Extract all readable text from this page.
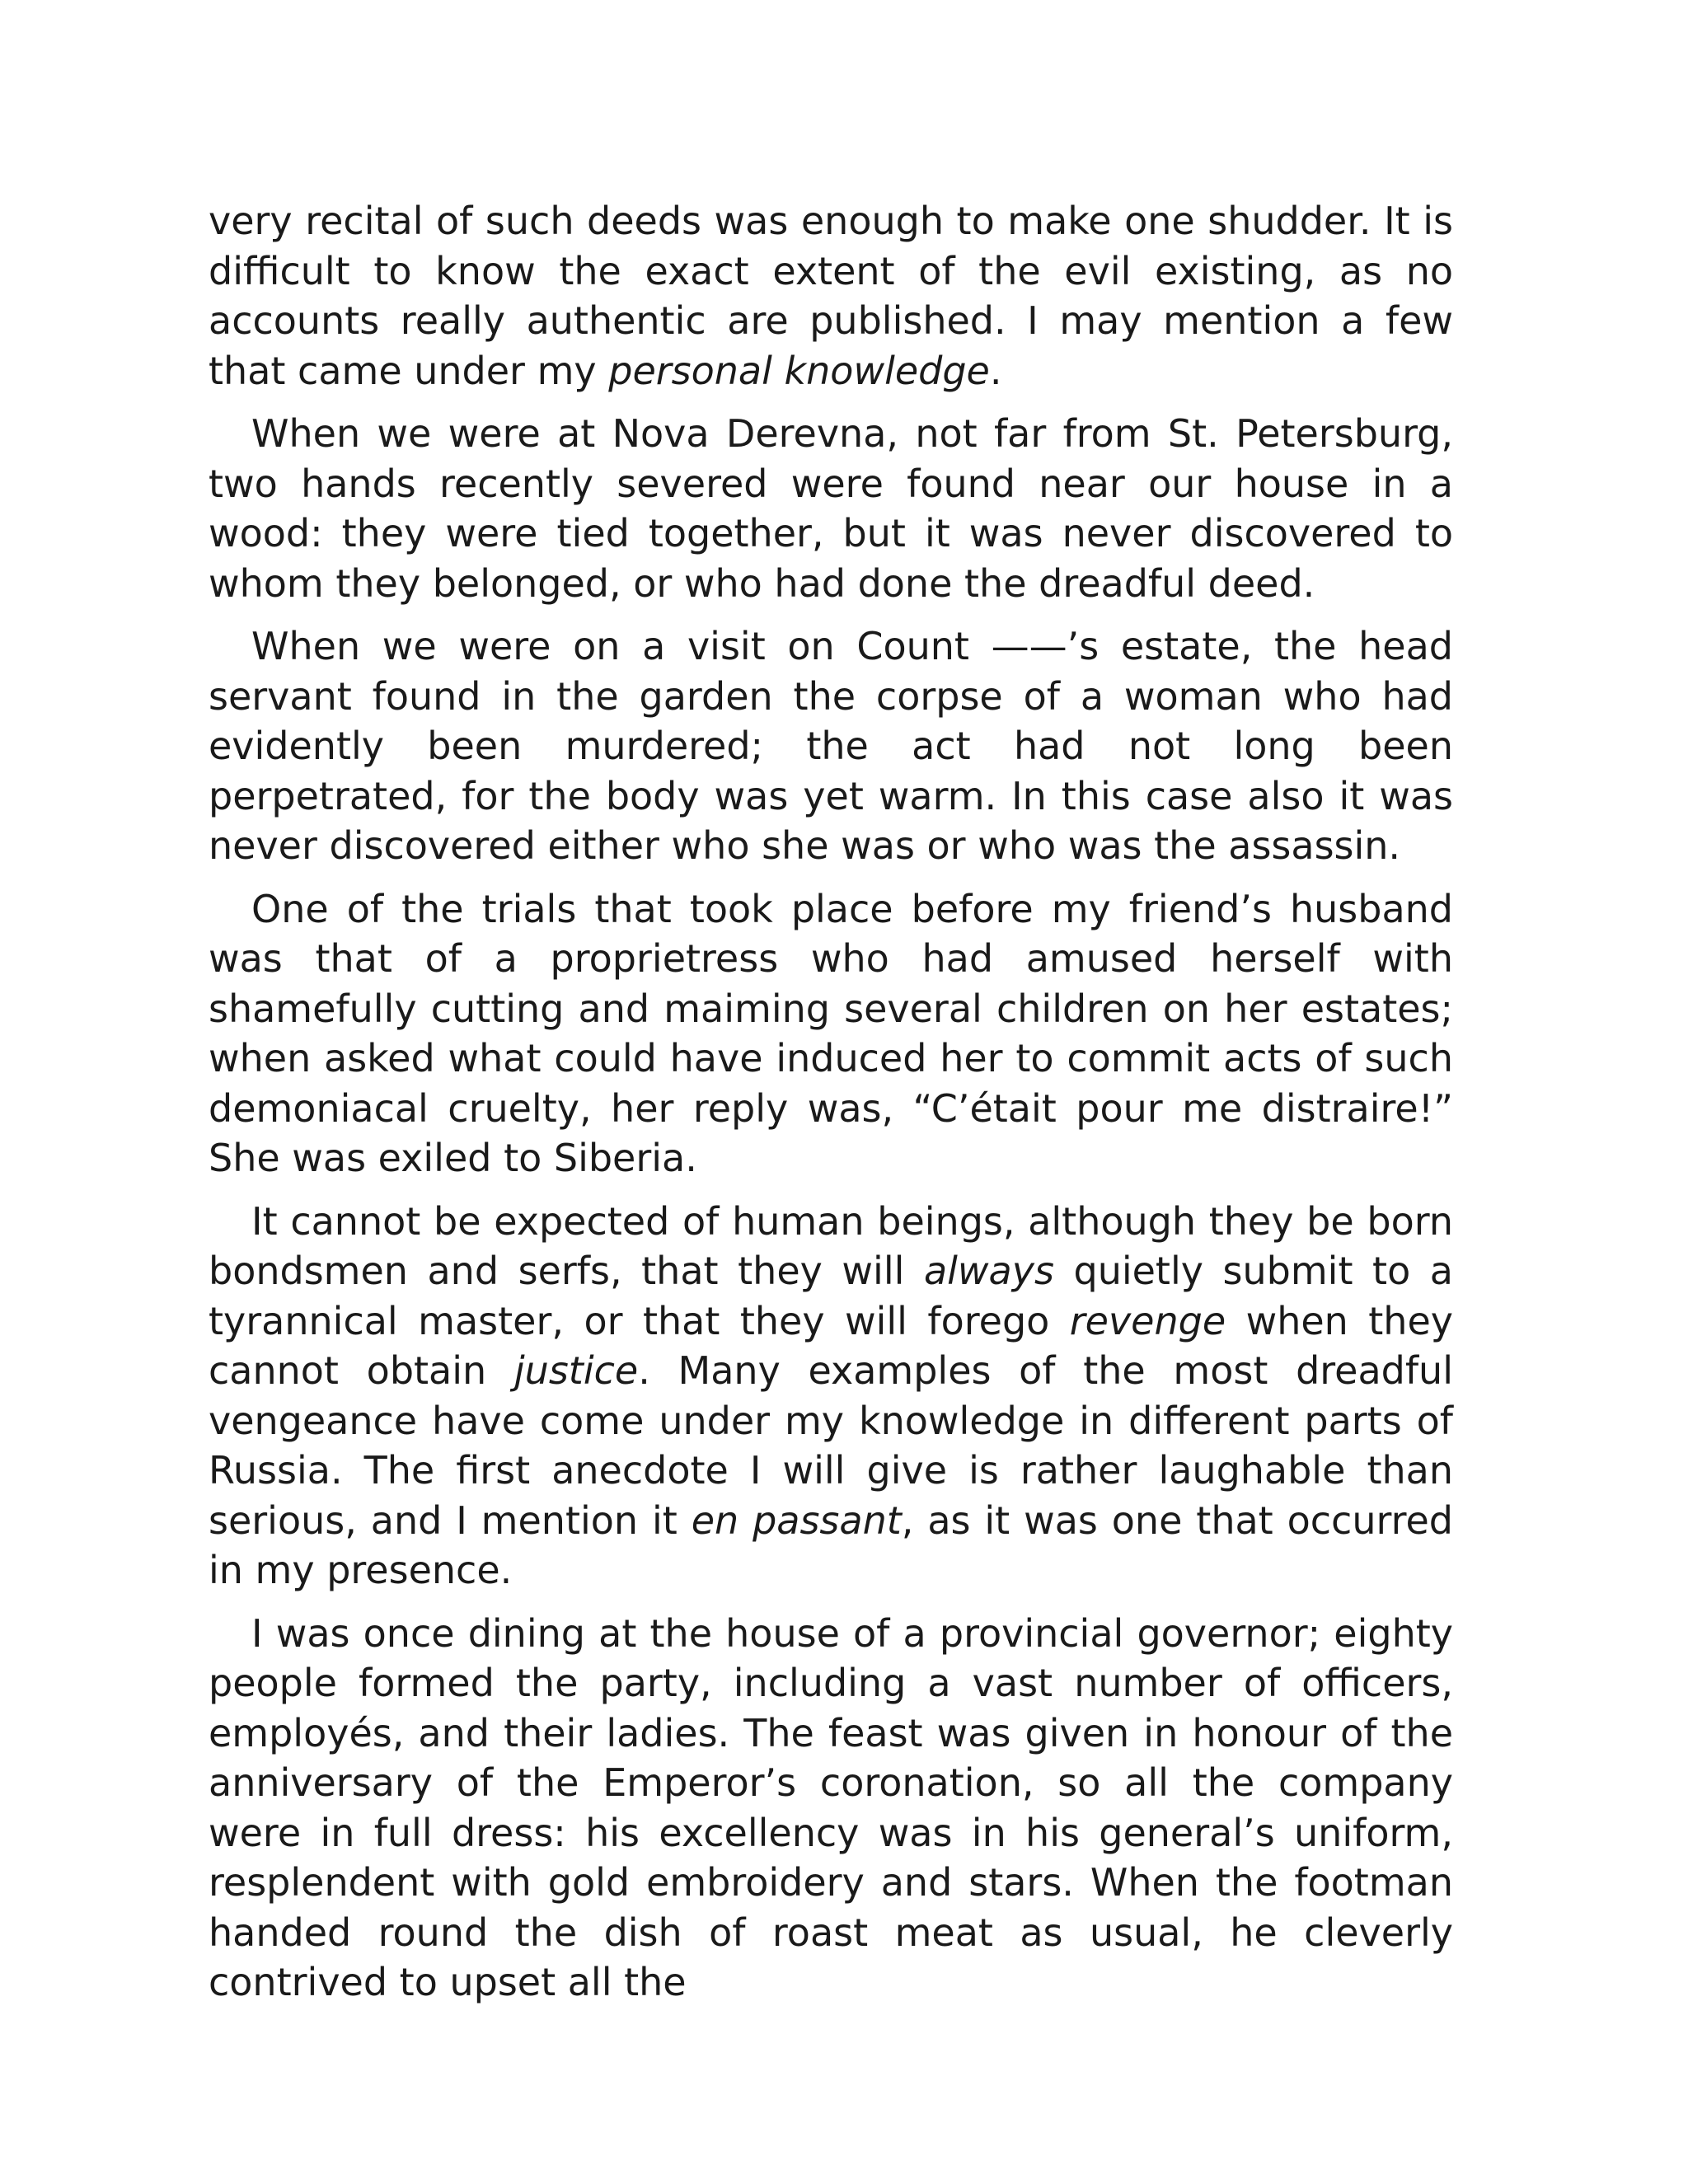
very recital of such deeds was enough to make one shudder. It is difficult to know the exact extent of the evil existing, as no accounts really authentic are published. I may mention a few that came under my personal knowledge.

When we were at Nova Derevna, not far from St. Petersburg, two hands recently severed were found near our house in a wood: they were tied together, but it was never discovered to whom they belonged, or who had done the dreadful deed.

When we were on a visit on Count ——’s estate, the head servant found in the garden the corpse of a woman who had evidently been murdered; the act had not long been perpetrated, for the body was yet warm. In this case also it was never discovered either who she was or who was the assassin.

One of the trials that took place before my friend’s husband was that of a proprietress who had amused herself with shamefully cutting and maiming several children on her estates; when asked what could have induced her to commit acts of such demoniacal cruelty, her reply was, “C’était pour me distraire!” She was exiled to Siberia.

It cannot be expected of human beings, although they be born bondsmen and serfs, that they will always quietly submit to a tyrannical master, or that they will forego revenge when they cannot obtain justice. Many examples of the most dreadful vengeance have come under my knowledge in different parts of Russia. The first anecdote I will give is rather laughable than serious, and I mention it en passant, as it was one that occurred in my presence.

I was once dining at the house of a provincial governor; eighty people formed the party, including a vast number of officers, employés, and their ladies. The feast was given in honour of the anniversary of the Emperor’s coronation, so all the company were in full dress: his excellency was in his general’s uniform, resplendent with gold embroidery and stars. When the footman handed round the dish of roast meat as usual, he cleverly contrived to upset all the
